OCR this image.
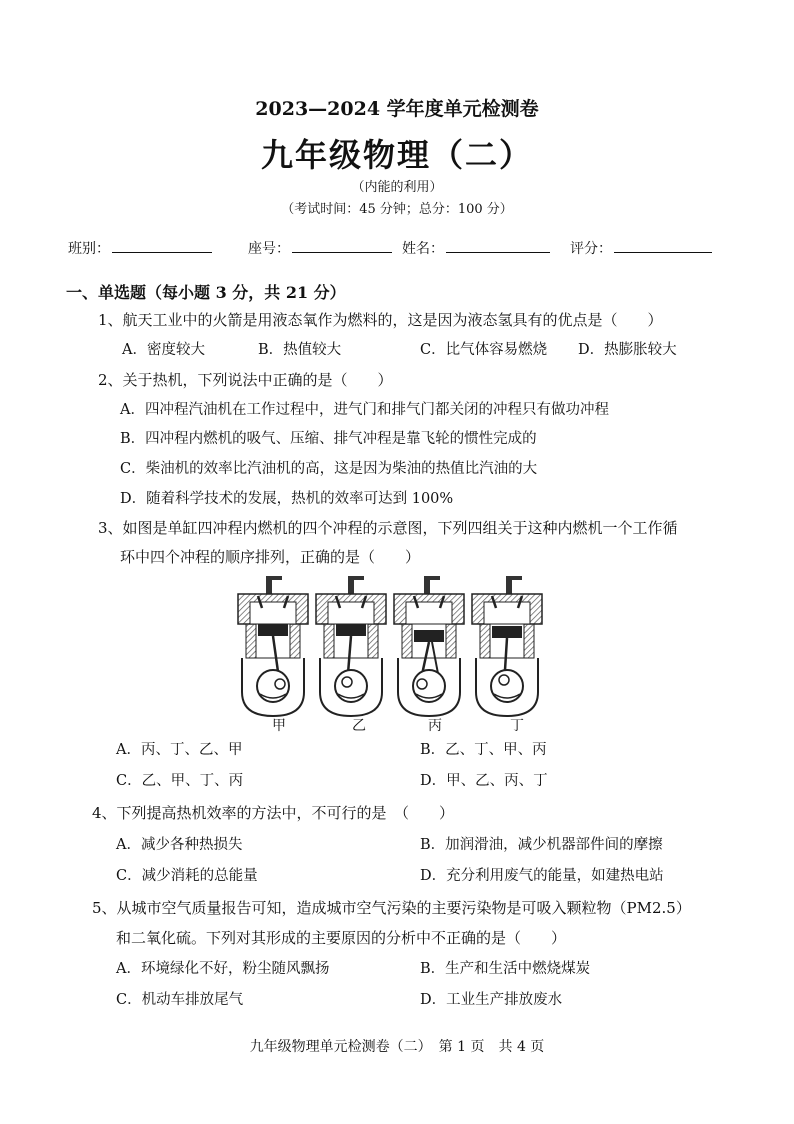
2023—2024 学年度单元检测卷
九年级物理（二）
（内能的利用）
（考试时间：45 分钟；总分：100 分）
班别：	座号：	姓名：	评分：
一、单选题（每小题 3 分，共 21 分）
1、航天工业中的火箭是用液态氧作为燃料的，这是因为液态氢具有的优点是（　　）
A．密度较大	B．热值较大	C．比气体容易燃烧 D．热膨胀较大
2、关于热机，下列说法中正确的是（　　）
A．四冲程汽油机在工作过程中，进气门和排气门都关闭的冲程只有做功冲程
B．四冲程内燃机的吸气、压缩、排气冲程是靠飞轮的惯性完成的
C．柴油机的效率比汽油机的高，这是因为柴油的热值比汽油的大
D．随着科学技术的发展，热机的效率可达到 100%
3、如图是单缸四冲程内燃机的四个冲程的示意图，下列四组关于这种内燃机一个工作循
环中四个冲程的顺序排列，正确的是（　　）
甲	乙	丙	丁
A．丙、丁、乙、甲	B．乙、丁、甲、丙
C．乙、甲、丁、丙	D．甲、乙、丙、丁
4、下列提高热机效率的方法中，不可行的是　（　　）
A．减少各种热损失	B．加润滑油，减少机器部件间的摩擦
C．减少消耗的总能量	D．充分利用废气的能量，如建热电站
5、从城市空气质量报告可知，造成城市空气污染的主要污染物是可吸入颗粒物（PM2.5）
和二氧化硫。下列对其形成的主要原因的分析中不正确的是（　　）
A．环境绿化不好，粉尘随风飘扬	B．生产和生活中燃烧煤炭
C．机动车排放尾气	D．工业生产排放废水
九年级物理单元检测卷（二）　第 1 页　共 4 页
